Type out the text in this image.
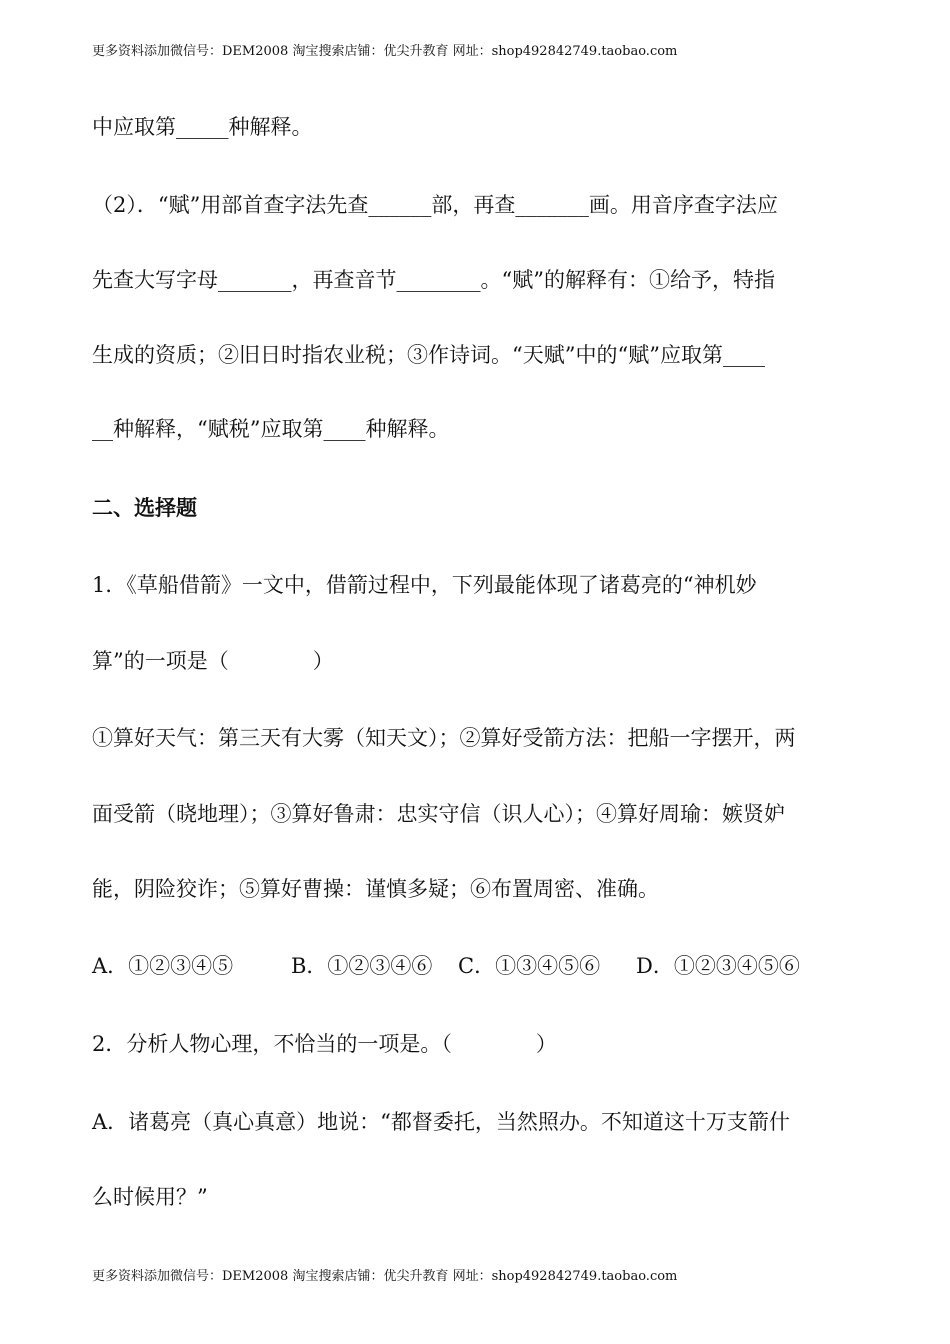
更多资料添加微信号：DEM2008 淘宝搜索店铺：优尖升教育 网址：shop492842749.taobao.com
中应取第_____种解释。
（2）．“赋”用部首查字法先查______部，再查_______画。用音序查字法应
先查大写字母_______，再查音节________。“赋”的解释有：①给予，特指
生成的资质；②旧日时指农业税；③作诗词。“天赋”中的“赋”应取第____
__种解释，“赋税”应取第____种解释。
二、选择题
1．《草船借箭》一文中，借箭过程中，下列最能体现了诸葛亮的“神机妙
算”的一项是（　　　　）
①算好天气：第三天有大雾（知天文）；②算好受箭方法：把船一字摆开，两
面受箭（晓地理）；③算好鲁肃：忠实守信（识人心）；④算好周瑜：嫉贤妒
能，阴险狡诈；⑤算好曹操：谨慎多疑；⑥布置周密、准确。
A．①②③④⑤	B．①②③④⑥ C．①③④⑤⑥ D．①②③④⑤⑥
2．分析人物心理，不恰当的一项是。（　　　　）
A．诸葛亮（真心真意）地说：“都督委托，当然照办。不知道这十万支箭什
么时候用？”
更多资料添加微信号：DEM2008 淘宝搜索店铺：优尖升教育 网址：shop492842749.taobao.com
